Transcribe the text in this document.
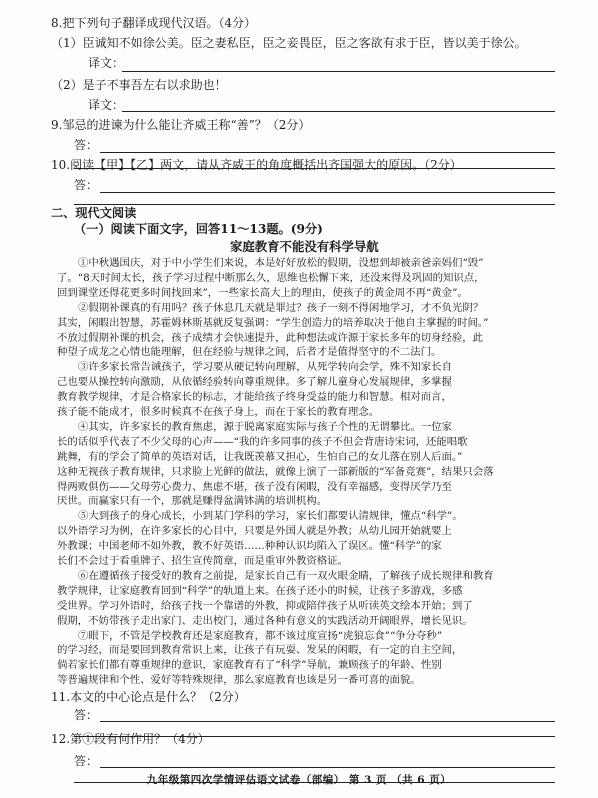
8.把下列句子翻译成现代汉语。（4分）
（1）臣诚知不如徐公美。臣之妻私臣，臣之妾畏臣，臣之客欲有求于臣，皆以美于徐公。
译文：
（2）是子不事吾左右以求助也！
译文：
9.邹忌的进谏为什么能让齐威王称“善”？（2分）
答：
10.阅读【甲】【乙】两文，请从齐威王的角度概括出齐国强大的原因。（2分）
答：
二、现代文阅读
（一）阅读下面文字，回答11～13题。(9分)
家庭教育不能没有科学导航
①中秋遇国庆，对于中小学生们来说，本是好好放松的假期，没想到却被亲爸亲妈们“毁”
了。“8天时间太长，孩子学习过程中断那么久，思维也松懈下来，还没来得及巩固的知识点，
回到课堂还得花更多时间找回来”，一些家长高大上的理由，使孩子的黄金周不再“黄金”。
②假期补课真的有用吗？孩子休息几天就是罪过？孩子一刻不得闲地学习，才不负光阴？
其实，闲暇出智慧，苏霍姆林斯基就反复强调：“学生创造力的培养取决于他自主掌握的时间。”
不放过假期补课的机会，孩子成绩才会快速提升，此种想法或许源于家长多年的切身经验，此
种望子成龙之心情也能理解，但在经验与规律之间，后者才是值得坚守的不二法门。
③许多家长常告诫孩子，学习要从硬记转向理解，从死学转向会学，殊不知家长自
己也要从操控转向激励，从依循经验转向尊重规律。多了解儿童身心发展规律，多掌握
教育教学规律，才是合格家长的标志，才能给孩子终身受益的能力和智慧。相对而言，
孩子能不能成才，很多时候真不在孩子身上，而在于家长的教育理念。
④其实，许多家长的教育焦虑，源于脱离家庭实际与孩子个性的无谓攀比。一位家
长的话似乎代表了不少父母的心声——“我的许多同事的孩子不但会背唐诗宋词，还能唱歌
跳舞，有的学会了简单的英语对话，让我既羡慕又担心，生怕自己的女儿落在别人后面。”
这种无视孩子教育规律，只求脸上光鲜的做法，就像上演了一部新版的“军备竞赛”，结果只会落
得两败俱伤——父母劳心费力、焦虑不堪，孩子没有闲暇，没有幸福感，变得厌学乃至
厌世。而赢家只有一个，那就是赚得盆满钵满的培训机构。
⑤大到孩子的身心成长，小到某门学科的学习，家长们都要认清规律，懂点“科学”。
以外语学习为例，在许多家长的心目中，只要是外国人就是外教；从幼儿园开始就要上
外教课；中国老师不如外教，教不好英语……种种认识均陷入了误区。懂“科学”的家
长们不会过于看重牌子、招生宣传简章，而是重审外教资格证。
⑥在遵循孩子接受好的教育之前提，是家长自己有一双火眼金睛，了解孩子成长规律和教育
教学规律，让家庭教育回到“科学”的轨道上来。在孩子还小的时候，让孩子多游戏，多感
受世界。学习外语时，给孩子找一个靠谱的外教，抑或陪伴孩子从听读英文绘本开始；到了
假期，不妨带孩子走出家门、走出校门，通过各种有意义的实践活动开阔眼界，增长见识。
⑦眼下，不管是学校教育还是家庭教育，都不该过度宣扬“虎狼忘食”“争分夺秒”
的学习经，而是要回到教育常识上来，让孩子有玩耍、发呆的闲暇，有一定的自主空间，
倘若家长们都有尊重规律的意识，家庭教育有了“科学”导航，兼顾孩子的年龄、性别
等普遍规律和个性、爱好等特殊规律，那么家庭教育也该是另一番可喜的面貌。
11.本文的中心论点是什么？（2分）
答：
12.第①段有何作用？（4分）
答：
九年级第四次学情评估语文试卷（部编） 第 3 页 （共 6 页）
